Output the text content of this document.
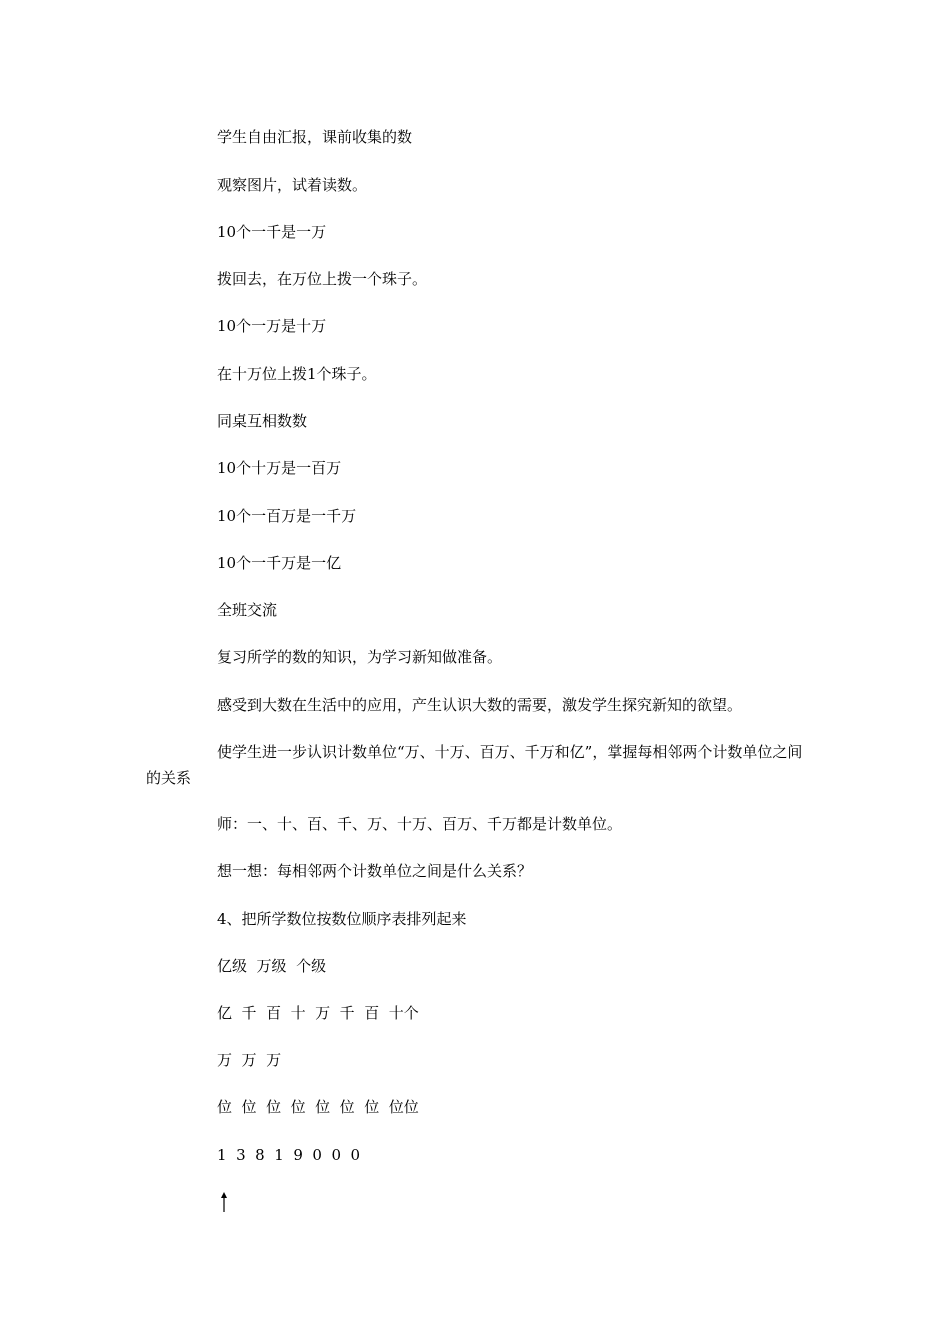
学生自由汇报，课前收集的数

观察图片，试着读数。

10个一千是一万

拨回去，在万位上拨一个珠子。

10个一万是十万

在十万位上拨1个珠子。

同桌互相数数

10个十万是一百万

10个一百万是一千万

10个一千万是一亿

全班交流

复习所学的数的知识，为学习新知做准备。

感受到大数在生活中的应用，产生认识大数的需要，激发学生探究新知的欲望。

使学生进一步认识计数单位“万、十万、百万、千万和亿”，掌握每相邻两个计数单位之间的关系

师：一、十、百、千、万、十万、百万、千万都是计数单位。

想一想：每相邻两个计数单位之间是什么关系？

4、把所学数位按数位顺序表排列起来

亿级  万级  个级

亿  千  百  十  万  千  百  十个

万  万  万

位  位  位  位  位  位  位  位位

1  3  8  1  9  0  0  0
